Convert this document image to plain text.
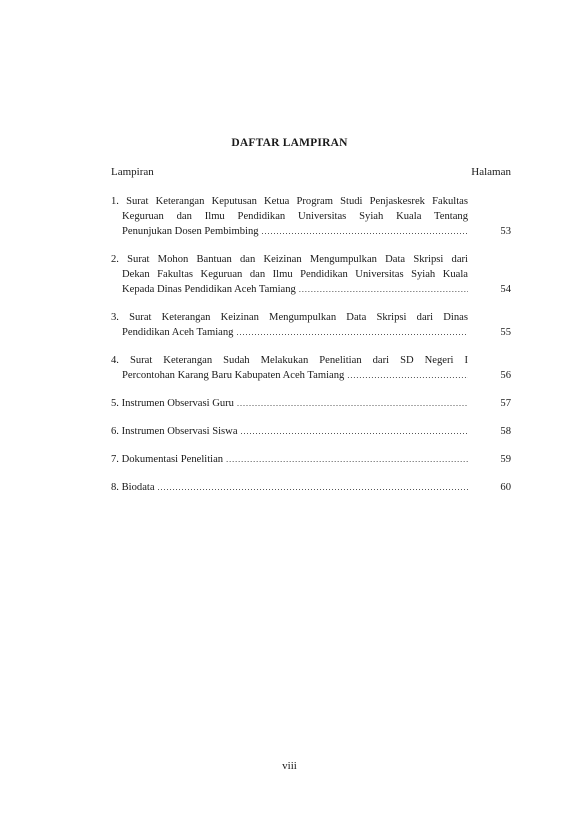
DAFTAR LAMPIRAN
Lampiran	Halaman
1. Surat Keterangan Keputusan Ketua Program Studi Penjaskesrek Fakultas
Keguruan dan Ilmu Pendidikan Universitas Syiah Kuala Tentang
Penunjukan Dosen Pembimbing .....	53
2. Surat Mohon Bantuan dan Keizinan Mengumpulkan Data Skripsi dari
Dekan Fakultas Keguruan dan Ilmu Pendidikan Universitas Syiah Kuala
Kepada Dinas Pendidikan Aceh Tamiang .....	54
3. Surat Keterangan Keizinan Mengumpulkan Data Skripsi dari Dinas
Pendidikan Aceh Tamiang .....	55
4. Surat Keterangan Sudah Melakukan Penelitian dari SD Negeri I
Percontohan Karang Baru Kabupaten Aceh Tamiang .....	56
5. Instrumen Observasi Guru .....	57
6. Instrumen Observasi Siswa .....	58
7. Dokumentasi Penelitian .....	59
8. Biodata .....	60
viii
